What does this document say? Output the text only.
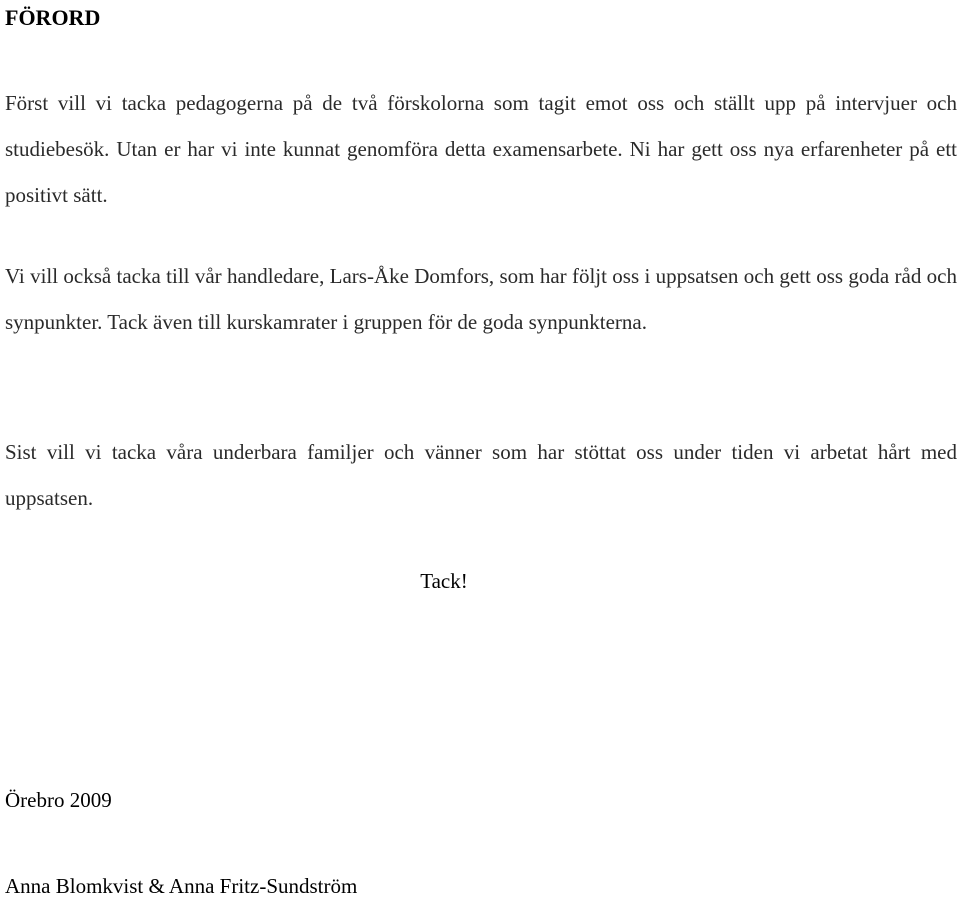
FÖRORD

Först vill vi tacka pedagogerna på de två förskolorna som tagit emot oss och ställt upp på intervjuer och studiebesök. Utan er har vi inte kunnat genomföra detta examensarbete. Ni har gett oss nya erfarenheter på ett positivt sätt.

Vi vill också tacka till vår handledare, Lars-Åke Domfors, som har följt oss i uppsatsen och gett oss goda råd och synpunkter. Tack även till kurskamrater i gruppen för de goda synpunkterna.

Sist vill vi tacka våra underbara familjer och vänner som har stöttat oss under tiden vi arbetat hårt med uppsatsen.

Tack!

Örebro 2009

Anna Blomkvist & Anna Fritz-Sundström
